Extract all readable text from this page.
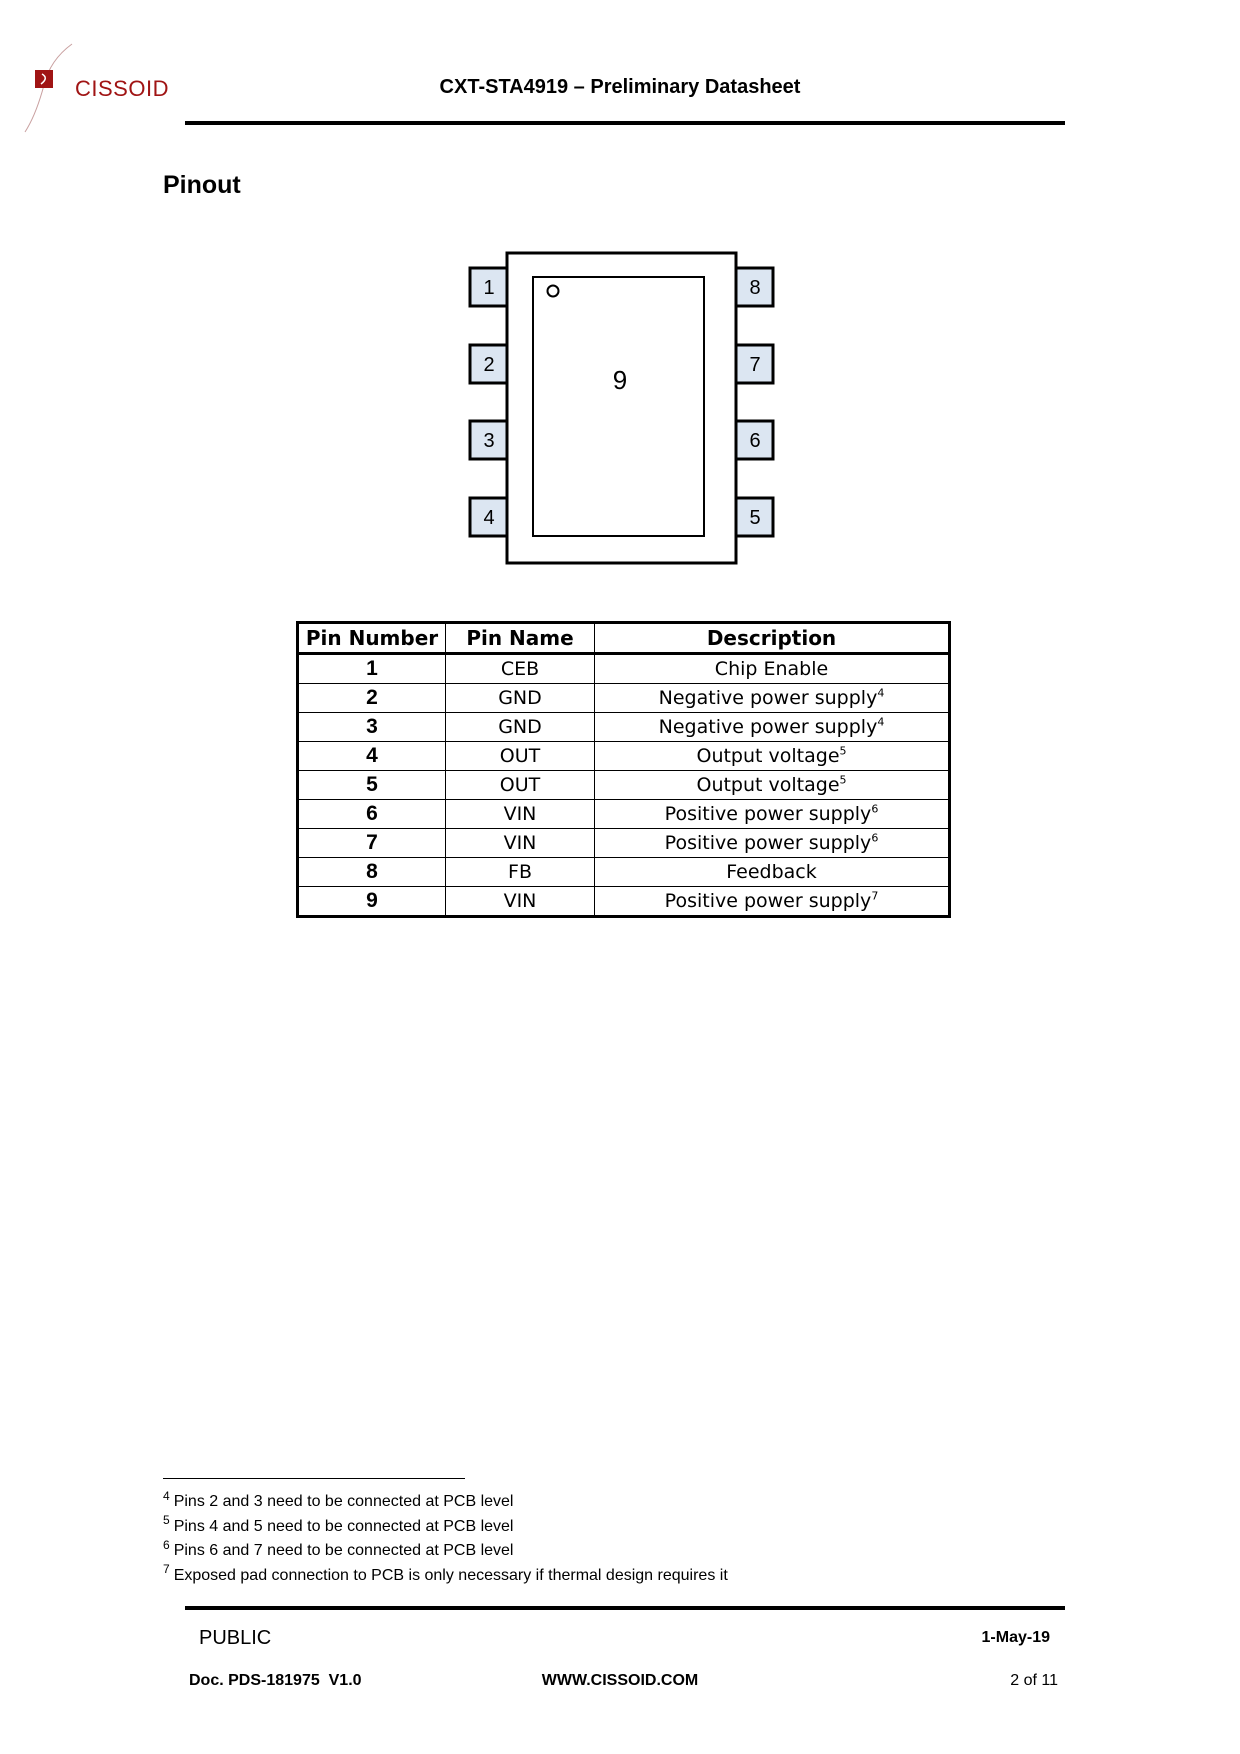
CISSOID	CXT-STA4919 – Preliminary Datasheet
Pinout
9
1
2
3
4
8
7
6
5
Pin Number	Pin Name	Description
1	CEB	Chip Enable
2	GND	Negative power supply$^4$
3	GND	Negative power supply$^4$
4	OUT	Output voltage$^5$
5	OUT	Output voltage$^5$
6	VIN	Positive power supply$^6$
7	VIN	Positive power supply$^6$
8	FB	Feedback
9	VIN	Positive power supply$^7$
$^4$ Pins 2 and 3 need to be connected at PCB level
$^5$ Pins 4 and 5 need to be connected at PCB level
$^6$ Pins 6 and 7 need to be connected at PCB level
$^7$ Exposed pad connection to PCB is only necessary if thermal design requires it
PUBLIC	1-May-19
Doc. PDS-181975  V1.0	WWW.CISSOID.COM	2 of 11
